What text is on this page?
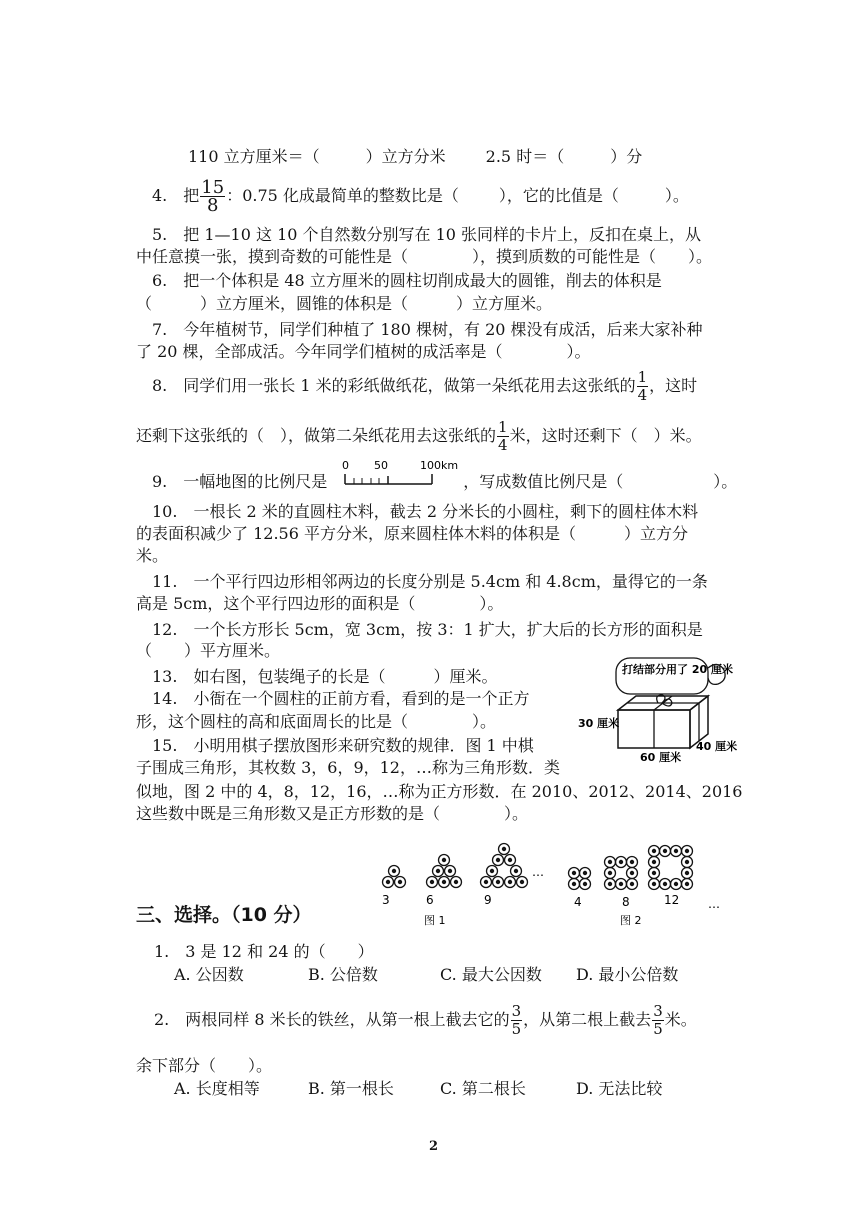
110 立方厘米＝（	）立方分米	2.5 时＝（	）分
4. 把 $\frac{15}{8}$ ：0.75 化成最简单的整数比是（	），它的比值是（	）。
5.　把 1—10 这 10 个自然数分别写在 10 张同样的卡片上，反扣在桌上，从
中任意摸一张，摸到奇数的可能性是（　　　　），摸到质数的可能性是（　　）。
6.　把一个体积是 48 立方厘米的圆柱切削成最大的圆锥，削去的体积是
（　　　）立方厘米，圆锥的体积是（　　　）立方厘米。
7.　今年植树节，同学们种植了 180 棵树，有 20 棵没有成活，后来大家补种
了 20 棵，全部成活。今年同学们植树的成活率是（　　　　）。
8.　同学们用一张长 1 米的彩纸做纸花，做第一朵纸花用去这张纸的 $\frac{1}{4}$ ，这时
还剩下这张纸的（　），做第二朵纸花用去这张纸的 $\frac{1}{4}$ 米，这时还剩下（　）米。
9.　一幅地图的比例尺是	，写成数值比例尺是（	）。
0 50	100km
10.　一根长 2 米的直圆柱木料，截去 2 分米长的小圆柱，剩下的圆柱体木料
的表面积减少了 12.56 平方分米，原来圆柱体木料的体积是（　　　）立方分
米。
11.　一个平行四边形相邻两边的长度分别是 5.4cm 和 4.8cm，量得它的一条
高是 5cm，这个平行四边形的面积是（　　　　）。
12.　一个长方形长 5cm，宽 3cm，按 3：1 扩大，扩大后的长方形的面积是
（　　）平方厘米。
13.　如右图，包装绳子的长是（　　　）厘米。
14.　小衙在一个圆柱的正前方看，看到的是一个正方
形，这个圆柱的高和底面周长的比是（　　　　）。
15.　小明用棋子摆放图形来研究数的规律．图 1 中棋
子围成三角形，其枚数 3，6，9，12，…称为三角形数．类
似地，图 2 中的 4，8，12，16，…称为正方形数．在 2010、2012、2014、2016
这些数中既是三角形数又是正方形数的是（　　　　）。
打结部分用了 20 厘米
30 厘米
60 厘米
40 厘米
6	9
3
…
图 1
4	8	12 …
图 2
三、选择。（10 分）
1.　3 是 12 和 24 的（　　）
A. 公因数	B. 公倍数	C. 最大公因数 D. 最小公倍数
2.　两根同样 8 米长的铁丝，从第一根上截去它的 $\frac{3}{5}$ ，从第二根上截去 $\frac{3}{5}$ 米。
余下部分（　　）。
A. 长度相等	B. 第一根长	C. 第二根长	D. 无法比较
2
